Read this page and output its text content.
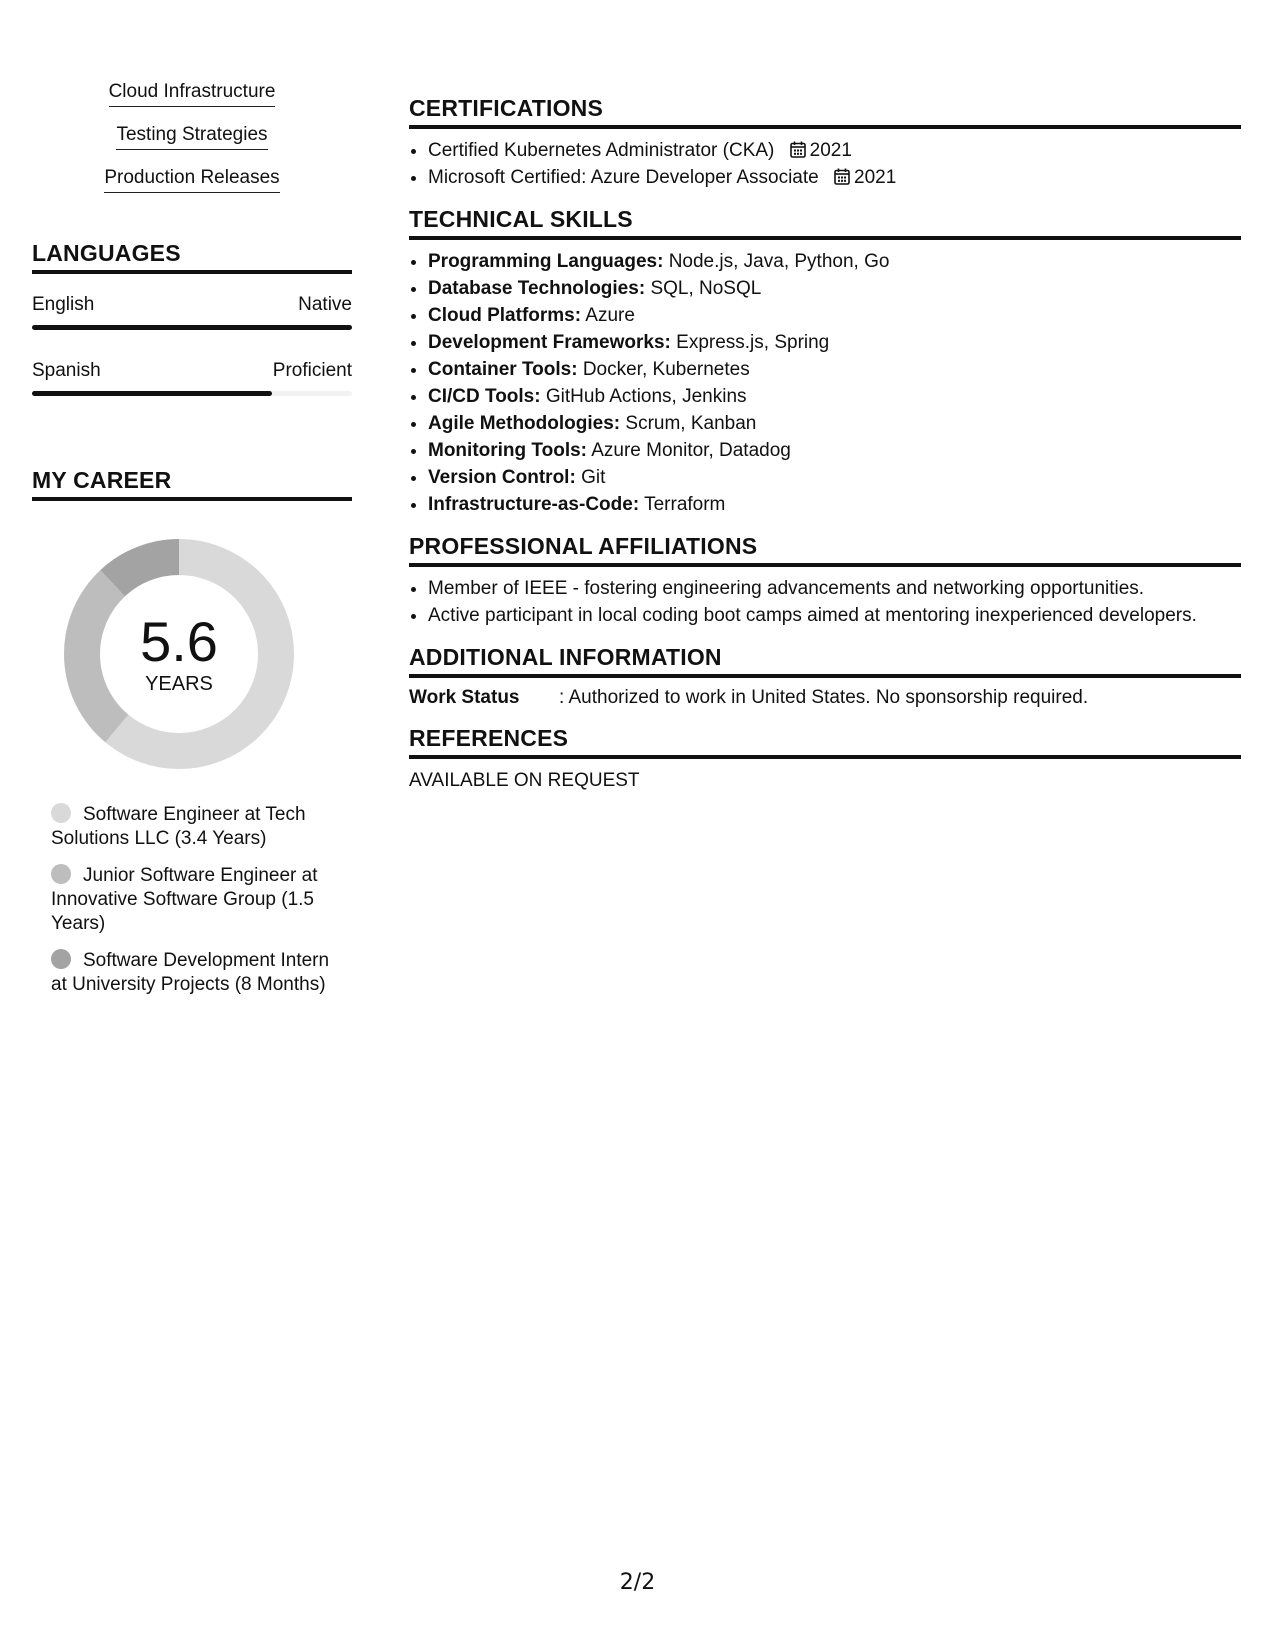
Cloud Infrastructure
Testing Strategies
Production Releases
LANGUAGES
English	Native
Spanish	Proficient
MY CAREER
5.6
YEARS
Software Engineer at Tech Solutions LLC (3.4 Years)
Junior Software Engineer at Innovative Software Group (1.5 Years)
Software Development Intern at University Projects (8 Months)
CERTIFICATIONS
• Certified Kubernetes Administrator (CKA) 2021
• Microsoft Certified: Azure Developer Associate 2021
TECHNICAL SKILLS
• Programming Languages: Node.js, Java, Python, Go
• Database Technologies: SQL, NoSQL
• Cloud Platforms: Azure
• Development Frameworks: Express.js, Spring
• Container Tools: Docker, Kubernetes
• CI/CD Tools: GitHub Actions, Jenkins
• Agile Methodologies: Scrum, Kanban
• Monitoring Tools: Azure Monitor, Datadog
• Version Control: Git
• Infrastructure-as-Code: Terraform
PROFESSIONAL AFFILIATIONS
• Member of IEEE - fostering engineering advancements and networking opportunities.
• Active participant in local coding boot camps aimed at mentoring inexperienced developers.
ADDITIONAL INFORMATION
Work Status	: Authorized to work in United States. No sponsorship required.
REFERENCES
AVAILABLE ON REQUEST
2/2
